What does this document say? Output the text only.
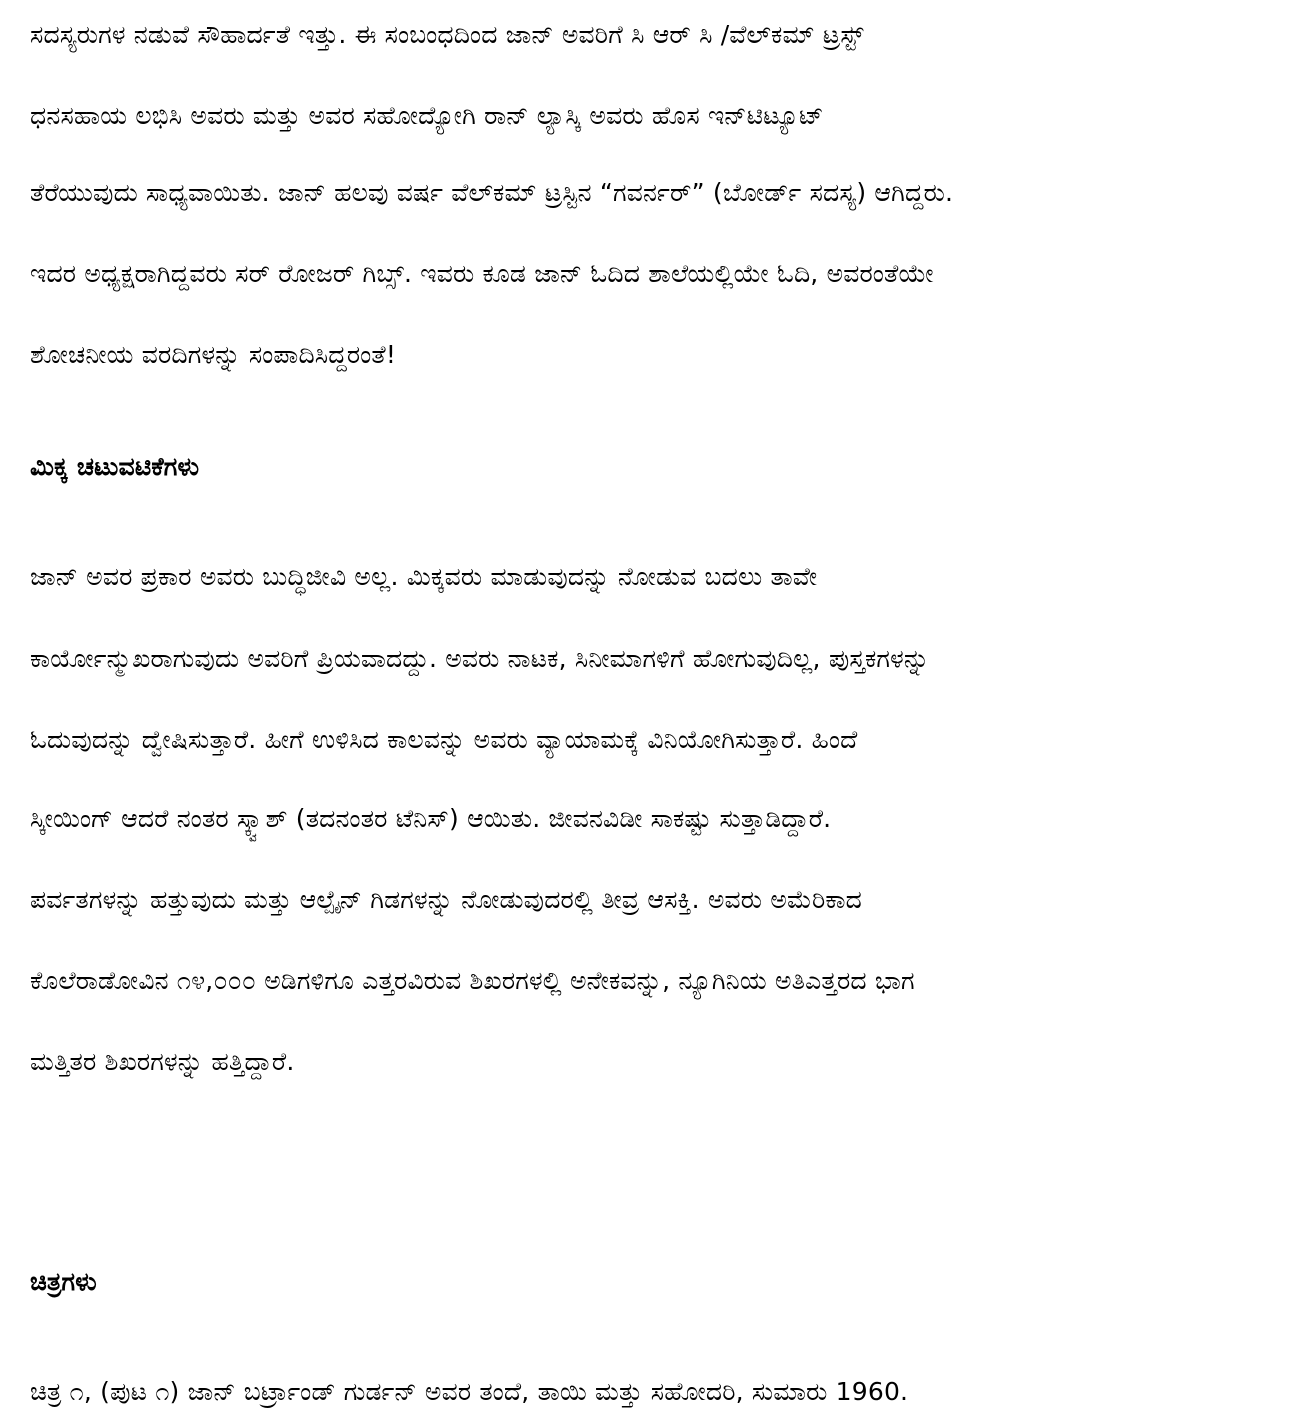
ಸದಸ್ಯರುಗಳ ನಡುವೆ ಸೌಹಾರ್ದತೆ ಇತ್ತು. ಈ ಸಂಬಂಧದಿಂದ ಜಾನ್ ಅವರಿಗೆ ಸಿ ಆರ್ ಸಿ /ವೆಲ್‌ಕಮ್ ಟ್ರಸ್ಟ್
ಧನಸಹಾಯ ಲಭಿಸಿ ಅವರು ಮತ್ತು ಅವರ ಸಹೋದ್ಯೋಗಿ ರಾನ್ ಲ್ಯಾಸ್ಕಿ ಅವರು ಹೊಸ ಇನ್‌ಟಿಟ್ಯೂಟ್
ತೆರೆಯುವುದು ಸಾಧ್ಯವಾಯಿತು. ಜಾನ್ ಹಲವು ವರ್ಷ ವೆಲ್‌ಕಮ್ ಟ್ರಸ್ಟಿನ “ಗವರ್ನರ್” (ಬೋರ್ಡ್ ಸದಸ್ಯ) ಆಗಿದ್ದರು.
ಇದರ ಅಧ್ಯಕ್ಷರಾಗಿದ್ದವರು ಸರ್ ರೋಜರ್ ಗಿಬ್ಸ್. ಇವರು ಕೂಡ ಜಾನ್ ಓದಿದ ಶಾಲೆಯಲ್ಲಿಯೇ ಓದಿ, ಅವರಂತೆಯೇ
ಶೋಚನೀಯ ವರದಿಗಳನ್ನು ಸಂಪಾದಿಸಿದ್ದರಂತೆ!
ಮಿಕ್ಕ ಚಟುವಟಿಕೆಗಳು
ಜಾನ್ ಅವರ ಪ್ರಕಾರ ಅವರು ಬುದ್ಧಿಜೀವಿ ಅಲ್ಲ. ಮಿಕ್ಕವರು ಮಾಡುವುದನ್ನು ನೋಡುವ ಬದಲು ತಾವೇ
ಕಾರ್ಯೋನ್ಮುಖರಾಗುವುದು ಅವರಿಗೆ ಪ್ರಿಯವಾದದ್ದು. ಅವರು ನಾಟಕ, ಸಿನೀಮಾಗಳಿಗೆ ಹೋಗುವುದಿಲ್ಲ, ಪುಸ್ತಕಗಳನ್ನು
ಓದುವುದನ್ನು ದ್ವೇಷಿಸುತ್ತಾರೆ. ಹೀಗೆ ಉಳಿಸಿದ ಕಾಲವನ್ನು ಅವರು ವ್ಯಾಯಾಮಕ್ಕೆ ವಿನಿಯೋಗಿಸುತ್ತಾರೆ. ಹಿಂದೆ
ಸ್ಕೀಯಿಂಗ್ ಆದರೆ ನಂತರ ಸ್ಕ್ವಾಶ್ (ತದನಂತರ ಟೆನಿಸ್) ಆಯಿತು. ಜೀವನವಿಡೀ ಸಾಕಷ್ಟು ಸುತ್ತಾಡಿದ್ದಾರೆ.
ಪರ್ವತಗಳನ್ನು ಹತ್ತುವುದು ಮತ್ತು ಆಲ್ಪೈನ್ ಗಿಡಗಳನ್ನು ನೋಡುವುದರಲ್ಲಿ ತೀವ್ರ ಆಸಕ್ತಿ. ಅವರು ಅಮೆರಿಕಾದ
ಕೊಲೆರಾಡೋವಿನ ೧೪,೦೦೦ ಅಡಿಗಳಿಗೂ ಎತ್ತರವಿರುವ ಶಿಖರಗಳಲ್ಲಿ ಅನೇಕವನ್ನು, ನ್ಯೂಗಿನಿಯ ಅತಿಎತ್ತರದ ಭಾಗ
ಮತ್ತಿತರ ಶಿಖರಗಳನ್ನು ಹತ್ತಿದ್ದಾರೆ.
ಚಿತ್ರಗಳು
ಚಿತ್ರ ೧, (ಪುಟ ೧) ಜಾನ್ ಬರ್ಟ್ರಾಂಡ್ ಗುರ್ಡನ್ ಅವರ ತಂದೆ, ತಾಯಿ ಮತ್ತು ಸಹೋದರಿ, ಸುಮಾರು 1960.
